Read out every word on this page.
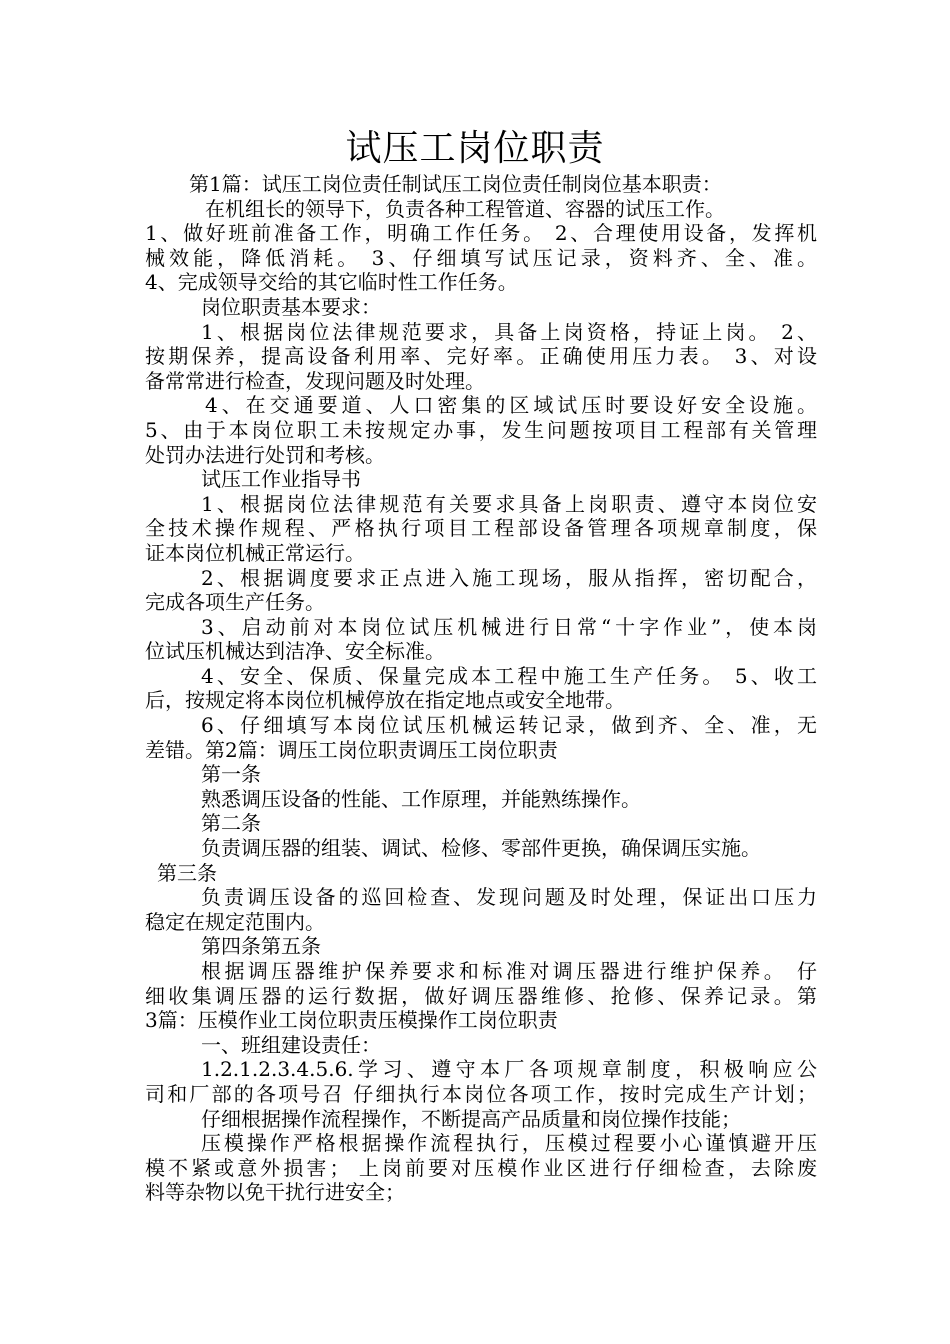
试压工岗位职责
第1篇：试压工岗位责任制试压工岗位责任制岗位基本职责：
在机组长的领导下，负责各种工程管道、容器的试压工作。
1、做好班前准备工作，明确工作任务。 2、合理使用设备，发挥机
械效能，降低消耗。 3、仔细填写试压记录，资料齐、全、准。
4、完成领导交给的其它临时性工作任务。
岗位职责基本要求：
1、根据岗位法律规范要求，具备上岗资格，持证上岗。 2、
按期保养，提高设备利用率、完好率。正确使用压力表。 3、对设
备常常进行检查，发现问题及时处理。
4、在交通要道、人口密集的区域试压时要设好安全设施。
5、由于本岗位职工未按规定办事，发生问题按项目工程部有关管理
处罚办法进行处罚和考核。
试压工作业指导书
1、根据岗位法律规范有关要求具备上岗职责、遵守本岗位安
全技术操作规程、严格执行项目工程部设备管理各项规章制度，保
证本岗位机械正常运行。
2、根据调度要求正点进入施工现场，服从指挥，密切配合，
完成各项生产任务。
3、启动前对本岗位试压机械进行日常“十字作业”，使本岗
位试压机械达到洁净、安全标准。
4、安全、保质、保量完成本工程中施工生产任务。 5、收工
后，按规定将本岗位机械停放在指定地点或安全地带。
6、仔细填写本岗位试压机械运转记录，做到齐、全、准，无
差错。第2篇：调压工岗位职责调压工岗位职责
第一条
熟悉调压设备的性能、工作原理，并能熟练操作。
第二条
负责调压器的组装、调试、检修、零部件更换，确保调压实施。
第三条
负责调压设备的巡回检查、发现问题及时处理，保证出口压力
稳定在规定范围内。
第四条第五条
根据调压器维护保养要求和标准对调压器进行维护保养。 仔
细收集调压器的运行数据，做好调压器维修、抢修、保养记录。第
3篇：压模作业工岗位职责压模操作工岗位职责
一、班组建设责任：
1.2.1.2.3.4.5.6.学习、遵守本厂各项规章制度，积极响应公
司和厂部的各项号召 仔细执行本岗位各项工作，按时完成生产计划；
仔细根据操作流程操作，不断提高产品质量和岗位操作技能；
压模操作严格根据操作流程执行，压模过程要小心谨慎避开压
模不紧或意外损害； 上岗前要对压模作业区进行仔细检查，去除废
料等杂物以免干扰行进安全；
